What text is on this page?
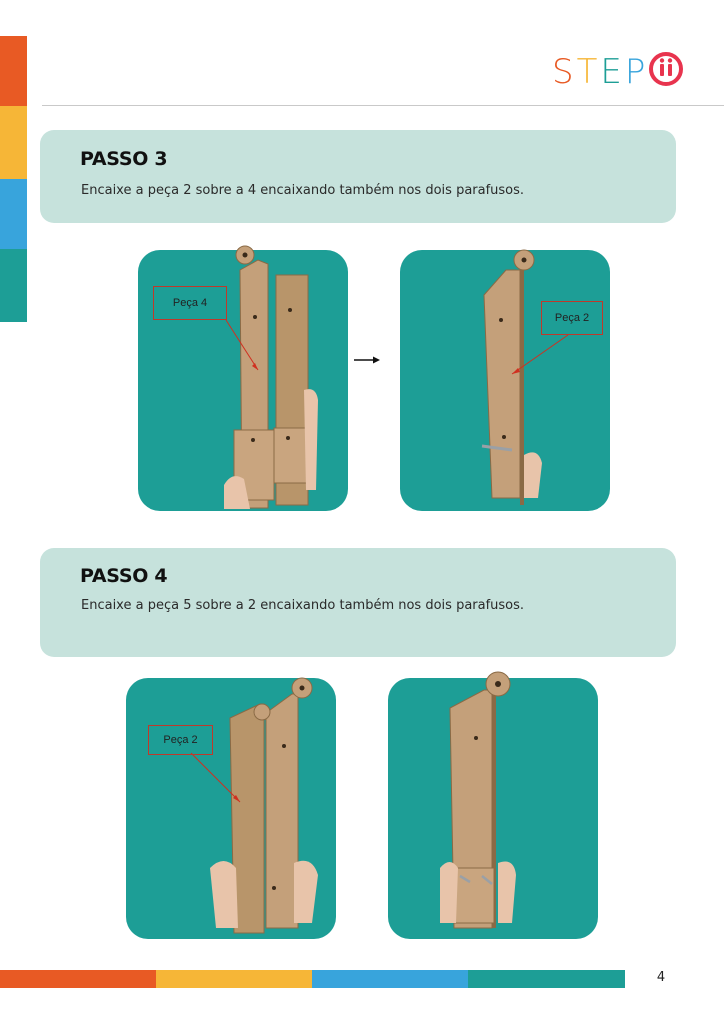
STEP
PASSO 3
Encaixe a peça 2 sobre a 4 encaixando também nos dois parafusos.
Peça 4
Peça 2
PASSO 4
Encaixe a peça 5 sobre a 2 encaixando também nos dois parafusos.
Peça 2
4
